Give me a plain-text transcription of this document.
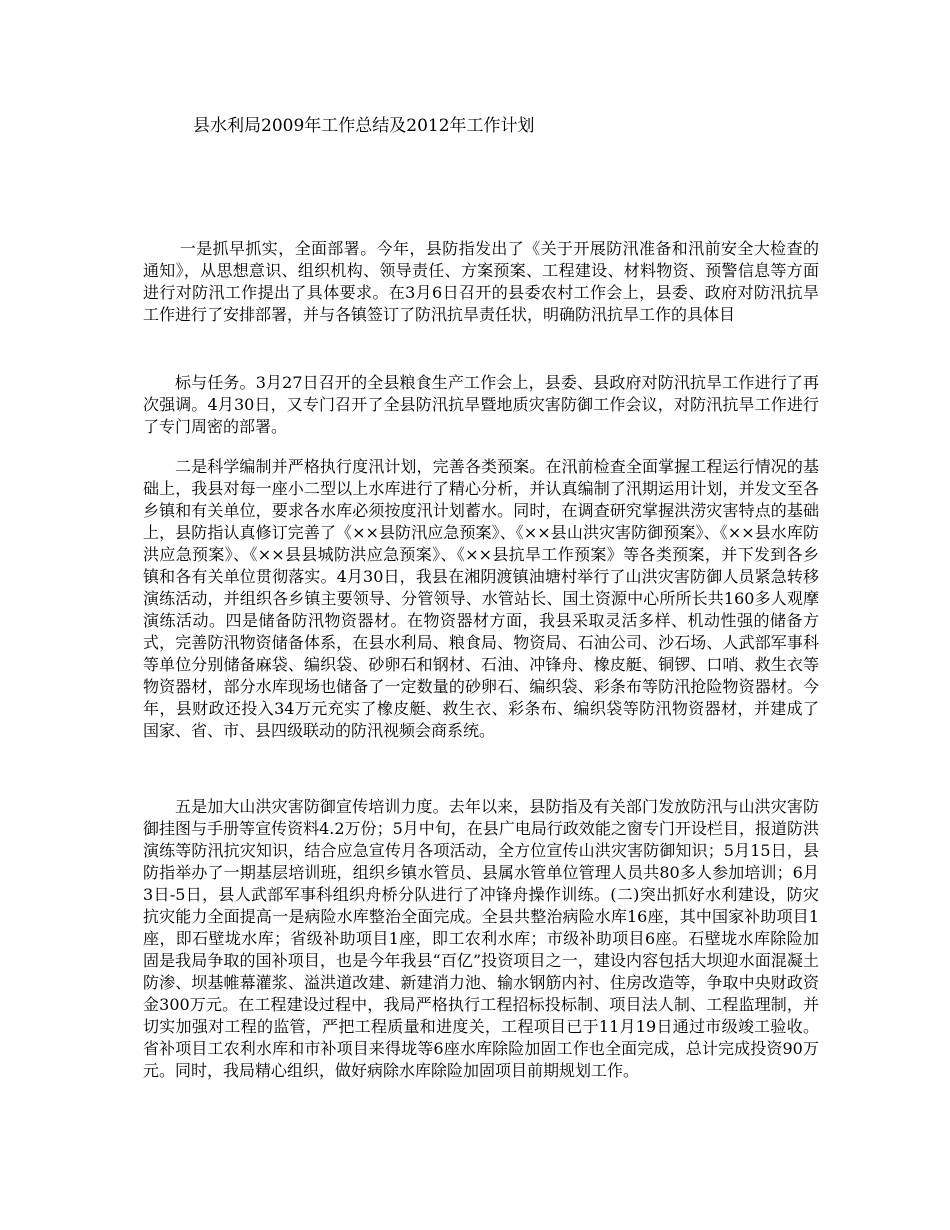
县水利局2009年工作总结及2012年工作计划

一是抓早抓实，全面部署。今年，县防指发出了《关于开展防汛准备和汛前安全大检查的通知》，从思想意识、组织机构、领导责任、方案预案、工程建设、材料物资、预警信息等方面进行对防汛工作提出了具体要求。在3月6日召开的县委农村工作会上，县委、政府对防汛抗旱工作进行了安排部署，并与各镇签订了防汛抗旱责任状，明确防汛抗旱工作的具体目

标与任务。3月27日召开的全县粮食生产工作会上，县委、县政府对防汛抗旱工作进行了再次强调。4月30日，又专门召开了全县防汛抗旱暨地质灾害防御工作会议，对防汛抗旱工作进行了专门周密的部署。

二是科学编制并严格执行度汛计划，完善各类预案。在汛前检查全面掌握工程运行情况的基础上，我县对每一座小二型以上水库进行了精心分析，并认真编制了汛期运用计划，并发文至各乡镇和有关单位，要求各水库必须按度汛计划蓄水。同时，在调查研究掌握洪涝灾害特点的基础上，县防指认真修订完善了《××县防汛应急预案》、《××县山洪灾害防御预案》、《××县水库防洪应急预案》、《××县县城防洪应急预案》、《××县抗旱工作预案》等各类预案，并下发到各乡镇和各有关单位贯彻落实。4月30日，我县在湘阴渡镇油塘村举行了山洪灾害防御人员紧急转移演练活动，并组织各乡镇主要领导、分管领导、水管站长、国土资源中心所所长共160多人观摩演练活动。四是储备防汛物资器材。在物资器材方面，我县采取灵活多样、机动性强的储备方式，完善防汛物资储备体系，在县水利局、粮食局、物资局、石油公司、沙石场、人武部军事科等单位分别储备麻袋、编织袋、砂卵石和钢材、石油、冲锋舟、橡皮艇、铜锣、口哨、救生衣等物资器材，部分水库现场也储备了一定数量的砂卵石、编织袋、彩条布等防汛抢险物资器材。今年，县财政还投入34万元充实了橡皮艇、救生衣、彩条布、编织袋等防汛物资器材，并建成了国家、省、市、县四级联动的防汛视频会商系统。

五是加大山洪灾害防御宣传培训力度。去年以来，县防指及有关部门发放防汛与山洪灾害防御挂图与手册等宣传资料4.2万份；5月中旬，在县广电局行政效能之窗专门开设栏目，报道防洪演练等防汛抗灾知识，结合应急宣传月各项活动，全方位宣传山洪灾害防御知识；5月15日，县防指举办了一期基层培训班，组织乡镇水管员、县属水管单位管理人员共80多人参加培训；6月3日-5日，县人武部军事科组织舟桥分队进行了冲锋舟操作训练。(二)突出抓好水利建设，防灾抗灾能力全面提高一是病险水库整治全面完成。全县共整治病险水库16座，其中国家补助项目1座，即石壁垅水库；省级补助项目1座，即工农利水库；市级补助项目6座。石壁垅水库除险加固是我局争取的国补项目，也是今年我县“百亿”投资项目之一，建设内容包括大坝迎水面混凝土防渗、坝基帷幕灌浆、溢洪道改建、新建消力池、输水钢筋内衬、住房改造等，争取中央财政资金300万元。在工程建设过程中，我局严格执行工程招标投标制、项目法人制、工程监理制，并切实加强对工程的监管，严把工程质量和进度关，工程项目已于11月19日通过市级竣工验收。省补项目工农利水库和市补项目来得垅等6座水库除险加固工作也全面完成，总计完成投资90万元。同时，我局精心组织，做好病除水库除险加固项目前期规划工作。
